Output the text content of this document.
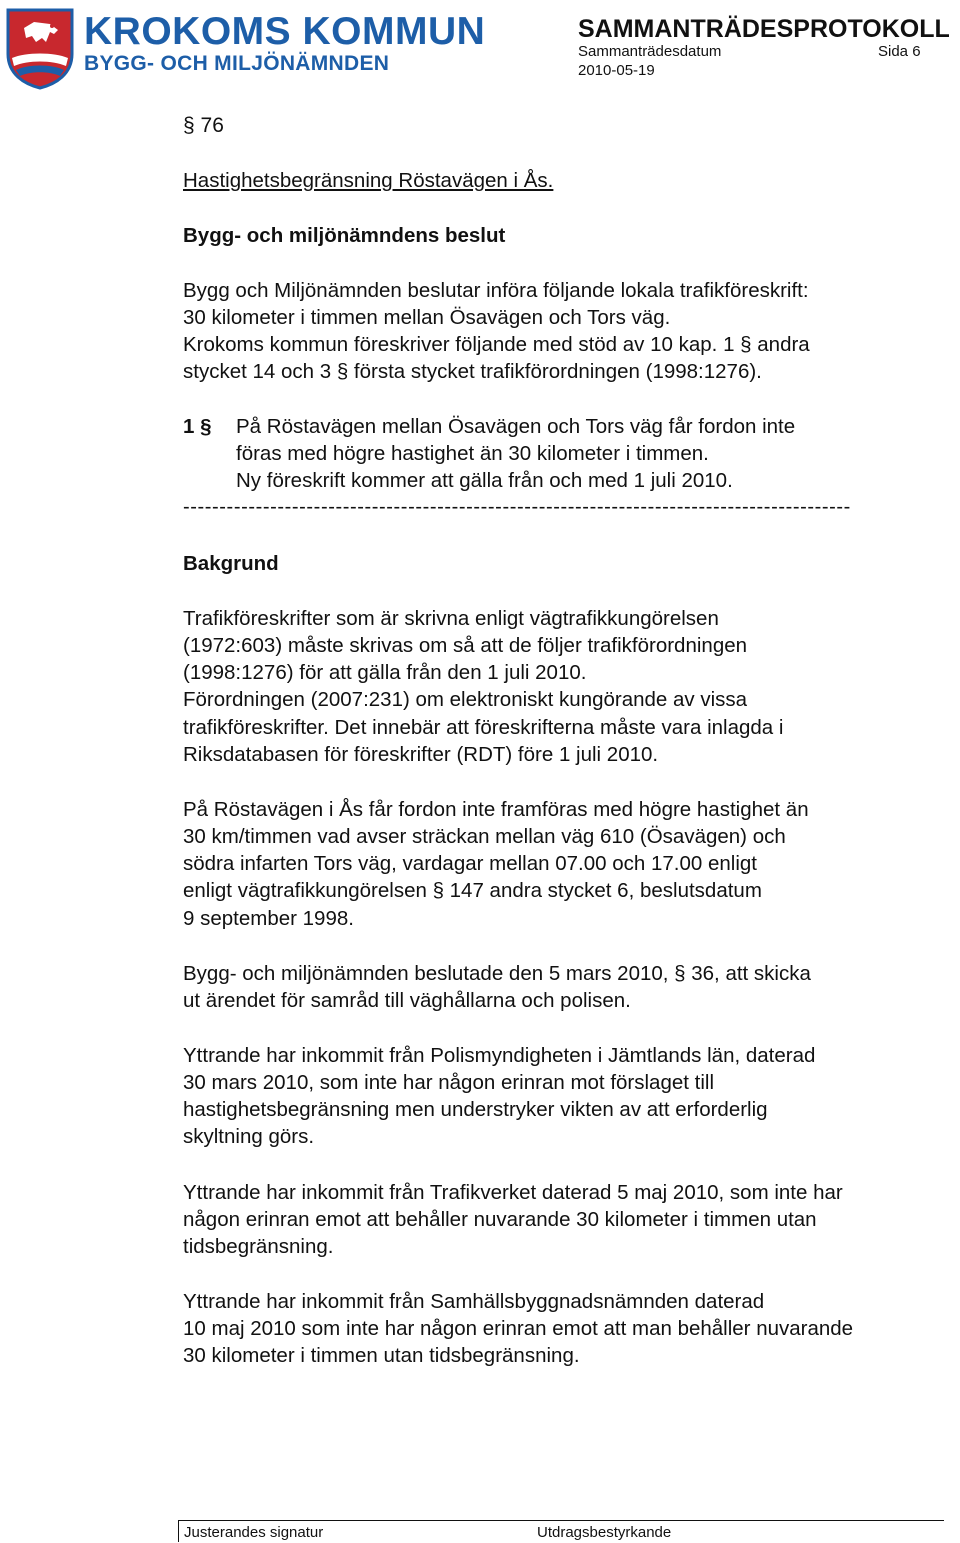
KROKOMS KOMMUN
BYGG- OCH MILJÖNÄMNDEN
SAMMANTRÄDESPROTOKOLL
Sammanträdesdatum	Sida 6
2010-05-19
§ 76
Hastighetsbegränsning Röstavägen i Ås.
Bygg- och miljönämndens beslut
Bygg och Miljönämnden beslutar införa följande lokala trafikföreskrift:
30 kilometer i timmen mellan Ösavägen och Tors väg.
Krokoms kommun föreskriver följande med stöd av 10 kap. 1 § andra
stycket 14 och 3 § första stycket trafikförordningen (1998:1276).
1 § På Röstavägen mellan Ösavägen och Tors väg får fordon inte
föras med högre hastighet än 30 kilometer i timmen.
Ny föreskrift kommer att gälla från och med 1 juli 2010.
--------------------------------------------------------------------------------------------
Bakgrund
Trafikföreskrifter som är skrivna enligt vägtrafikkungörelsen
(1972:603) måste skrivas om så att de följer trafikförordningen
(1998:1276) för att gälla från den 1 juli 2010.
Förordningen (2007:231) om elektroniskt kungörande av vissa
trafikföreskrifter. Det innebär att föreskrifterna måste vara inlagda i
Riksdatabasen för föreskrifter (RDT) före 1 juli 2010.
På Röstavägen i Ås får fordon inte framföras med högre hastighet än
30 km/timmen vad avser sträckan mellan väg 610 (Ösavägen) och
södra infarten Tors väg, vardagar mellan 07.00 och 17.00 enligt
enligt vägtrafikkungörelsen § 147 andra stycket 6, beslutsdatum
9 september 1998.
Bygg- och miljönämnden beslutade den 5 mars 2010, § 36, att skicka
ut ärendet för samråd till väghållarna och polisen.
Yttrande har inkommit från Polismyndigheten i Jämtlands län, daterad
30 mars 2010, som inte har någon erinran mot förslaget till
hastighetsbegränsning men understryker vikten av att erforderlig
skyltning görs.
Yttrande har inkommit från Trafikverket daterad 5 maj 2010, som inte har
någon erinran emot att behåller nuvarande 30 kilometer i timmen utan
tidsbegränsning.
Yttrande har inkommit från Samhällsbyggnadsnämnden daterad
10 maj 2010 som inte har någon erinran emot att man behåller nuvarande
30 kilometer i timmen utan tidsbegränsning.
Justerandes signatur	Utdragsbestyrkande
